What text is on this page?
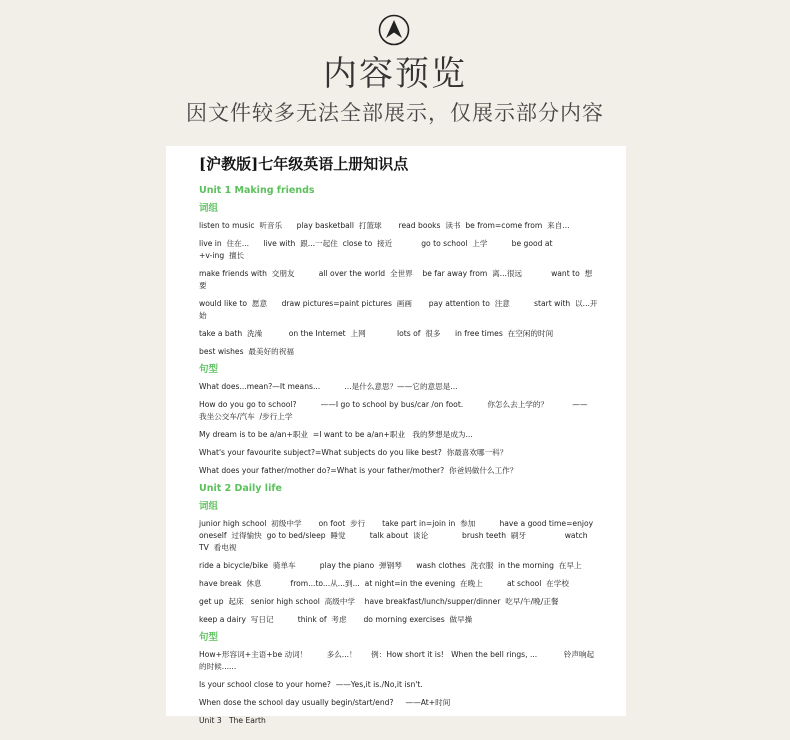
内容预览
因文件较多无法全部展示，仅展示部分内容
[沪教版]七年级英语上册知识点
Unit 1 Making friends
词组
listen to music  听音乐      play basketball  打篮球       read books  读书  be from=come from  来自...
live in  住在...      live with  跟...一起住  close to  接近            go to school  上学          be good at
+v-ing  擅长
make friends with  交朋友          all over the world  全世界    be far away from  离...很远            want to  想
要
would like to  愿意      draw pictures=paint pictures  画画       pay attention to  注意          start with  以...开始
take a bath  洗澡           on the Internet  上网             lots of  很多      in free times  在空闲的时间
best wishes  最美好的祝福
句型
What does...mean?—It means...          ...是什么意思？——它的意思是...
How do you go to school?          ——I go to school by bus/car /on foot.          你怎么去上学的？          ——
我坐公交车/汽车  /步行上学
My dream is to be a/an+职业  =I want to be a/an+职业   我的梦想是成为...
What's your favourite subject?=What subjects do you like best?  你最喜欢哪一科？
What does your father/mother do?=What is your father/mother?  你爸妈做什么工作？
Unit 2 Daily life
词组
junior high school  初级中学       on foot  步行       take part in=join in  参加          have a good time=enjoy
oneself  过得愉快  go to bed/sleep  睡觉          talk about  谈论              brush teeth  刷牙                watch
TV  看电视
ride a bicycle/bike  骑单车          play the piano  弹钢琴      wash clothes  洗衣服  in the morning  在早上
have break  休息            from...to...从...到...  at night=in the evening  在晚上          at school  在学校
get up  起床   senior high school  高级中学    have breakfast/lunch/supper/dinner  吃早/午/晚/正餐
keep a dairy  写日记          think of  考虑       do morning exercises  做早操
句型
How+形容词+主语+be 动词！        多么...！      例：How short it is!   When the bell rings, ...           铃声响起
的时候......
Is your school close to your home?  ——Yes,it is./No,it isn't.
When dose the school day usually begin/start/end?     ——At+时间
Unit 3   The Earth
